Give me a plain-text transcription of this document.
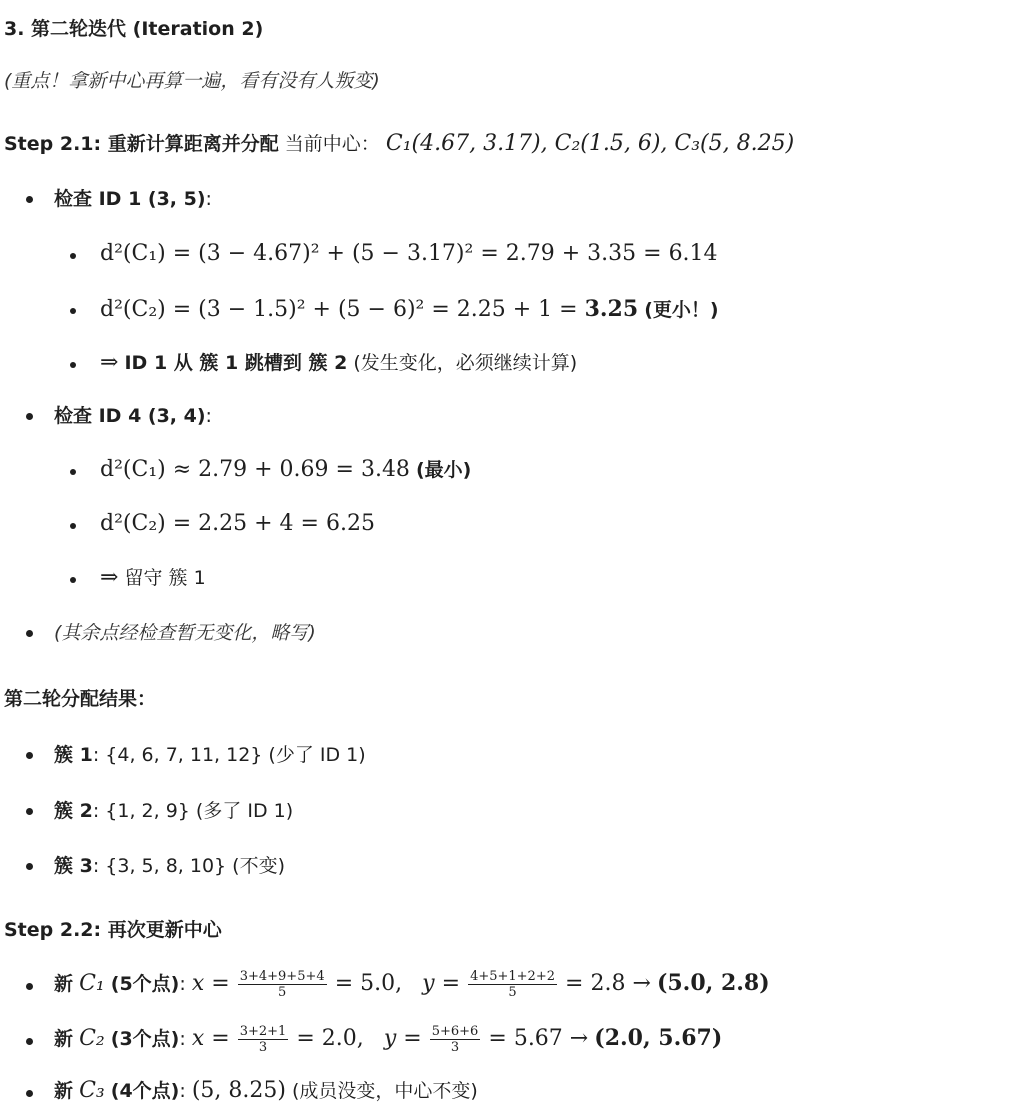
3. 第二轮迭代 (Iteration 2)
(重点！拿新中心再算一遍，看有没有人叛变)
Step 2.1: 重新计算距离并分配 当前中心： C₁(4.67, 3.17), C₂(1.5, 6), C₃(5, 8.25)
检查 ID 1 (3, 5):
d²(C₁) = (3 − 4.67)² + (5 − 3.17)² = 2.79 + 3.35 = 6.14
d²(C₂) = (3 − 1.5)² + (5 − 6)² = 2.25 + 1 = 3.25 (更小！)
⇒ ID 1 从 簇 1 跳槽到 簇 2 (发生变化，必须继续计算)
检查 ID 4 (3, 4):
d²(C₁) ≈ 2.79 + 0.69 = 3.48 (最小)
d²(C₂) = 2.25 + 4 = 6.25
⇒ 留守 簇 1
(其余点经检查暂无变化，略写)
第二轮分配结果：
簇 1: {4, 6, 7, 11, 12} (少了 ID 1)
簇 2: {1, 2, 9} (多了 ID 1)
簇 3: {3, 5, 8, 10} (不变)
Step 2.2: 再次更新中心
新 C₁ (5个点): $x = \frac{3+4+9+5+4}{5} = 5.0$, $y = \frac{4+5+1+2+2}{5} = 2.8 \to (5.0$, 2.8)
新 C₂ (3个点): $x = \frac{3+2+1}{3} = 2.0$, $y = \frac{5+6+6}{3} = 5.67 \to (2.0$, 5.67)
新 C₃ (4个点): (5, 8.25) (成员没变，中心不变)
